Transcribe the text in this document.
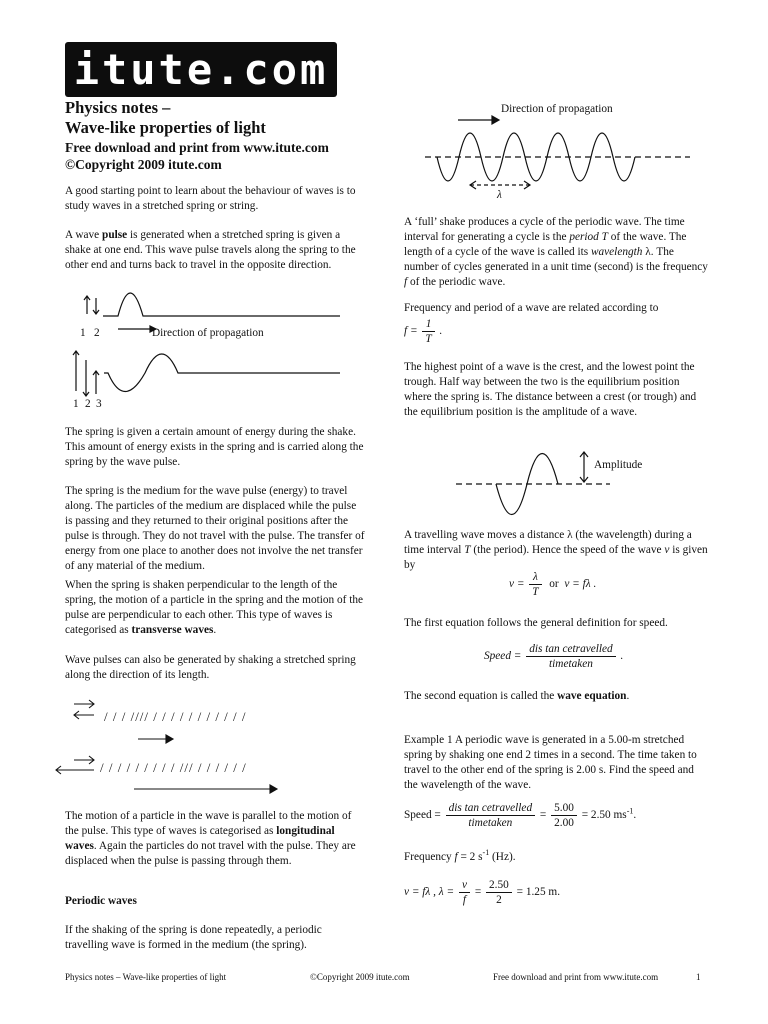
itute.com
Physics notes –
Wave-like properties of light
Free download and print from www.itute.com
©Copyright 2009 itute.com
A good starting point to learn about the behaviour of waves is to study waves in a stretched spring or string.
A wave pulse is generated when a stretched spring is given a shake at one end. This wave pulse travels along the spring to the other end and turns back to travel in the opposite direction.
1 2	Direction of propagation
1 2 3
The spring is given a certain amount of energy during the shake. This amount of energy exists in the spring and is carried along the spring by the wave pulse.
The spring is the medium for the wave pulse (energy) to travel along. The particles of the medium are displaced while the pulse is passing and they returned to their original positions after the pulse is through. They do not travel with the pulse. The transfer of energy from one place to another does not involve the net transfer of any material of the medium.
When the spring is shaken perpendicular to the length of the spring, the motion of a particle in the spring and the motion of the pulse are perpendicular to each other. This type of waves is categorised as transverse waves.
Wave pulses can also be generated by shaking a stretched spring along the direction of its length.
/ / / //// / / / / / / / / / / /
/ / / / / / / / / /// / / / / / /
The motion of a particle in the wave is parallel to the motion of the pulse. This type of waves is categorised as longitudinal waves. Again the particles do not travel with the pulse. They are displaced when the pulse is passing through them.
Periodic waves
If the shaking of the spring is done repeatedly, a periodic travelling wave is formed in the medium (the spring).
Direction of propagation
λ
A ‘full’ shake produces a cycle of the periodic wave. The time interval for generating a cycle is the period T of the wave. The length of a cycle of the wave is called its wavelength λ. The number of cycles generated in a unit time (second) is the frequency f of the periodic wave.
Frequency and period of a wave are related according to
$f = \frac{1}{T}$ .
The highest point of a wave is the crest, and the lowest point the trough. Half way between the two is the equilibrium position where the spring is. The distance between a crest (or trough) and the equilibrium position is the amplitude of a wave.
Amplitude
A travelling wave moves a distance λ (the wavelength) during a time interval T (the period). Hence the speed of the wave v is given by
$v = \frac{\lambda}{T}$ or v = fλ .
The first equation follows the general definition for speed.
Speed = $\frac{\text{dis tan cetravelled}}{\text{timetaken}}$ .
The second equation is called the wave equation.
Example 1 A periodic wave is generated in a 5.00-m stretched spring by shaking one end 2 times in a second. The time taken to travel to the other end of the spring is 2.00 s. Find the speed and the wavelength of the wave.
Speed = $\frac{\text{dis tan cetravelled}}{\text{timetaken}} = \frac{5.00}{2.00} = 2.50$ $ms^{-1}$.
Frequency f = 2 $s^{-1}$ (Hz).
v = fλ , $\lambda = \frac{v}{f} = \frac{2.50}{2} = 1.25$ m.
Physics notes – Wave-like properties of light	©Copyright 2009 itute.com	Free download and print from www.itute.com	1
